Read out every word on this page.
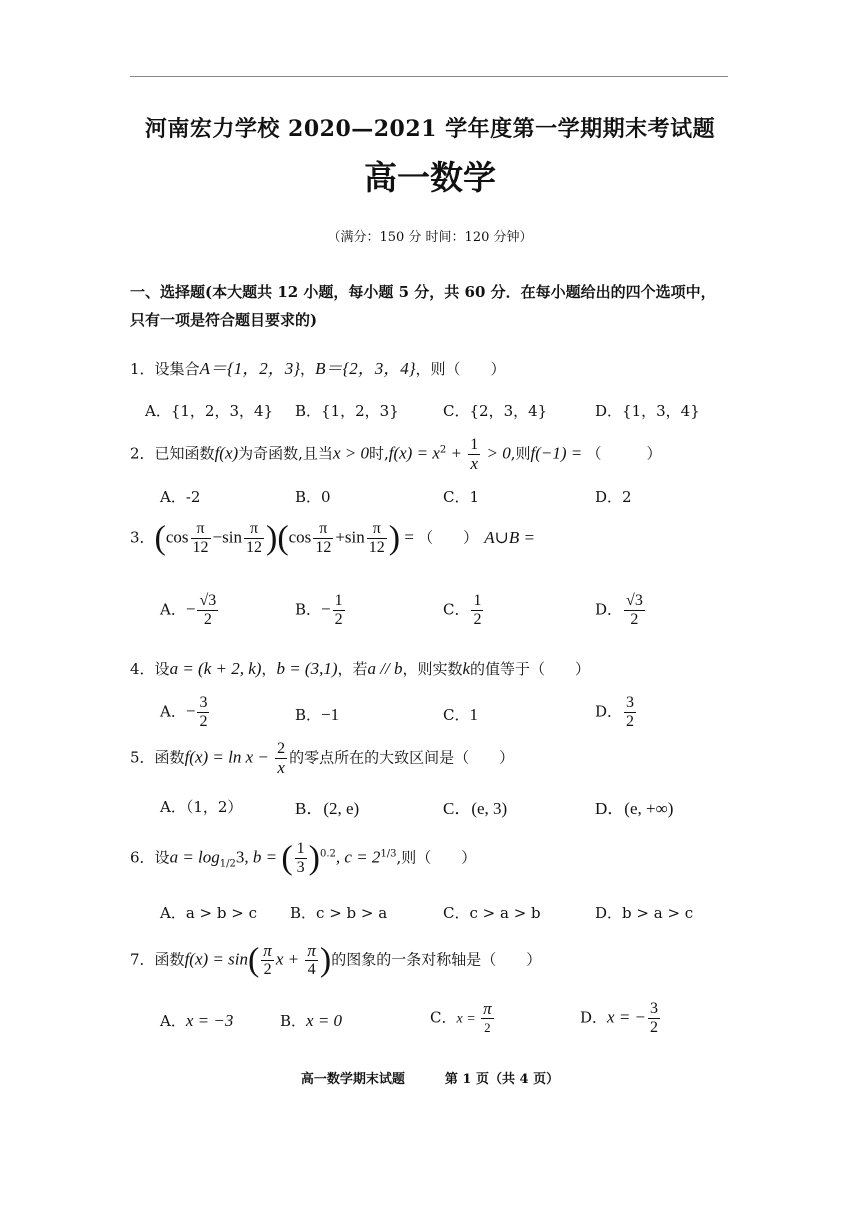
河南宏力学校 2020—2021 学年度第一学期期末考试题
高一数学
（满分：150 分 时间：120 分钟）
一、选择题(本大题共 12 小题，每小题 5 分，共 60 分．在每小题给出的四个选项中，只有一项是符合题目要求的)
1．设集合A＝{1，2，3}，B＝{2，3，4}，则（　　）
A．{1，2，3，4} B．{1，2，3}	C．{2，3，4}	D．{1，3，4}
2．已知函数f(x)为奇函数,且当x > 0时$,f(x) = x^2 + \frac{1}{x} > 0$,则f(−1) = （　　　）
A．-2	B．0	C．1	D．2
3．$(\cos \frac{\pi}{12} -\sin \frac{\pi}{12} )(\cos \frac{\pi}{12} +\sin \frac{\pi}{12}$ ) = （　　） A∪B =
A．− $\frac{√3}{2}$	B．− $\frac{1}{2}$	C． $\frac{1}{2}$	D． $\frac{√3}{2}$
4．设a = (k + 2, k)，b = (3,1)，若a // b，则实数k的值等于（　　）
A．− $\frac{3}{2}$	B．−1	C．1	D． $\frac{3}{2}$
5．函数$f(x) = \ln x - \frac{2}{x}$ 的零点所在的大致区间是（　　）
A．（1，2）	B．(2, e)	C．(e, 3)	D．(e, +∞)
6．设$a = \log_{1/2}3$, b = ( $\frac{1}{3} )^{0.2}$, $c = 2^{1/3}$,则（　　）
A．a > b > c B．c > b > a	C．c > a > b	D．b > a > c
7．函数$f(x) = \sin( \frac{\pi}{2}$ $x + \frac{\pi}{4}$ )的图象的一条对称轴是（　　）
A．x = −3	B．x = 0	C．$x = \frac{\pi}{2}$	D．x = − $\frac{3}{2}$
高一数学期末试题	第 1 页（共 4 页）
